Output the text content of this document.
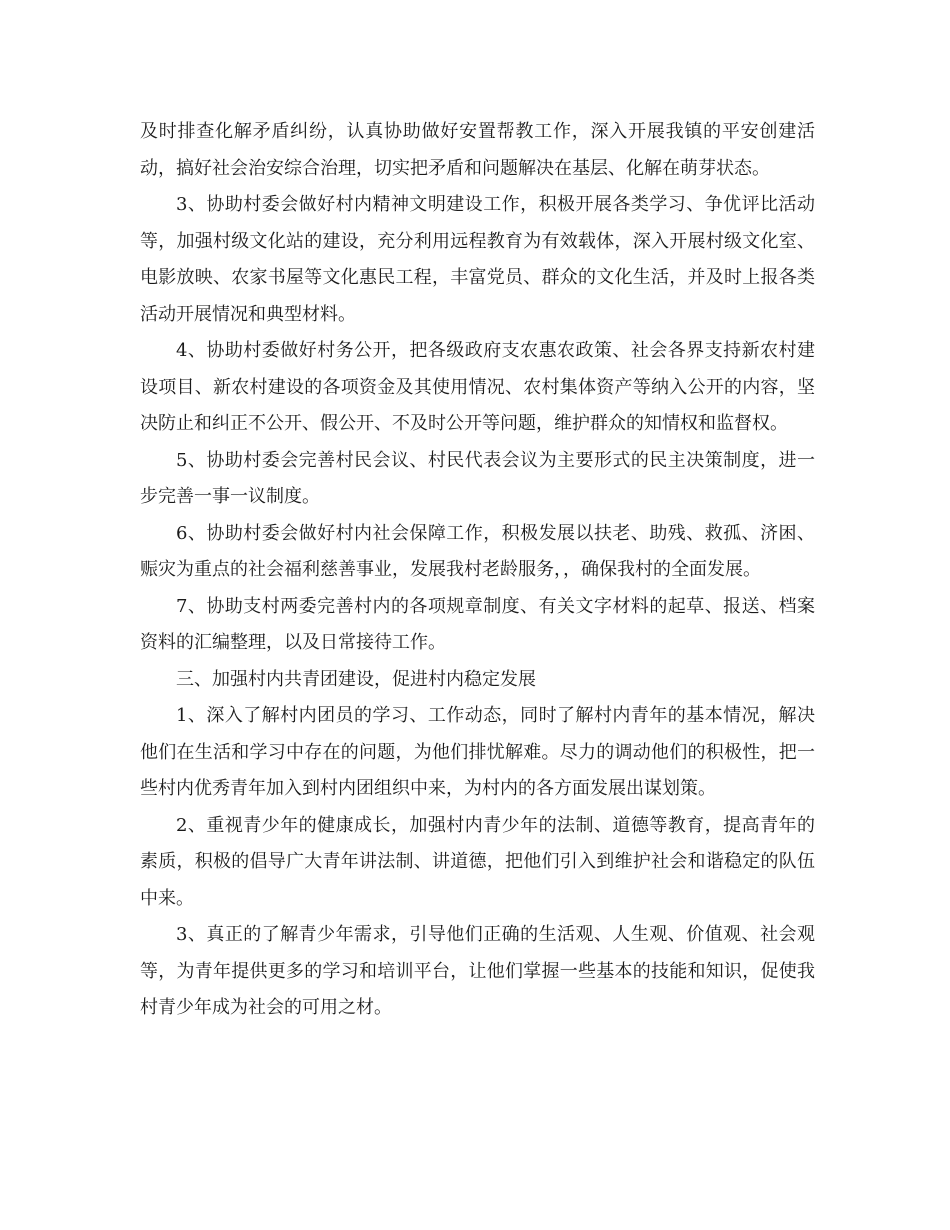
及时排查化解矛盾纠纷，认真协助做好安置帮教工作，深入开展我镇的平安创建活动，搞好社会治安综合治理，切实把矛盾和问题解决在基层、化解在萌芽状态。

3、协助村委会做好村内精神文明建设工作，积极开展各类学习、争优评比活动等，加强村级文化站的建设，充分利用远程教育为有效载体，深入开展村级文化室、电影放映、农家书屋等文化惠民工程，丰富党员、群众的文化生活，并及时上报各类活动开展情况和典型材料。

4、协助村委做好村务公开，把各级政府支农惠农政策、社会各界支持新农村建设项目、新农村建设的各项资金及其使用情况、农村集体资产等纳入公开的内容，坚决防止和纠正不公开、假公开、不及时公开等问题，维护群众的知情权和监督权。

5、协助村委会完善村民会议、村民代表会议为主要形式的民主决策制度，进一步完善一事一议制度。

6、协助村委会做好村内社会保障工作，积极发展以扶老、助残、救孤、济困、赈灾为重点的社会福利慈善事业，发展我村老龄服务，，确保我村的全面发展。

7、协助支村两委完善村内的各项规章制度、有关文字材料的起草、报送、档案资料的汇编整理，以及日常接待工作。

三、加强村内共青团建设，促进村内稳定发展

1、深入了解村内团员的学习、工作动态，同时了解村内青年的基本情况，解决他们在生活和学习中存在的问题，为他们排忧解难。尽力的调动他们的积极性，把一些村内优秀青年加入到村内团组织中来，为村内的各方面发展出谋划策。

2、重视青少年的健康成长，加强村内青少年的法制、道德等教育，提高青年的素质，积极的倡导广大青年讲法制、讲道德，把他们引入到维护社会和谐稳定的队伍中来。

3、真正的了解青少年需求，引导他们正确的生活观、人生观、价值观、社会观等，为青年提供更多的学习和培训平台，让他们掌握一些基本的技能和知识，促使我村青少年成为社会的可用之材。
